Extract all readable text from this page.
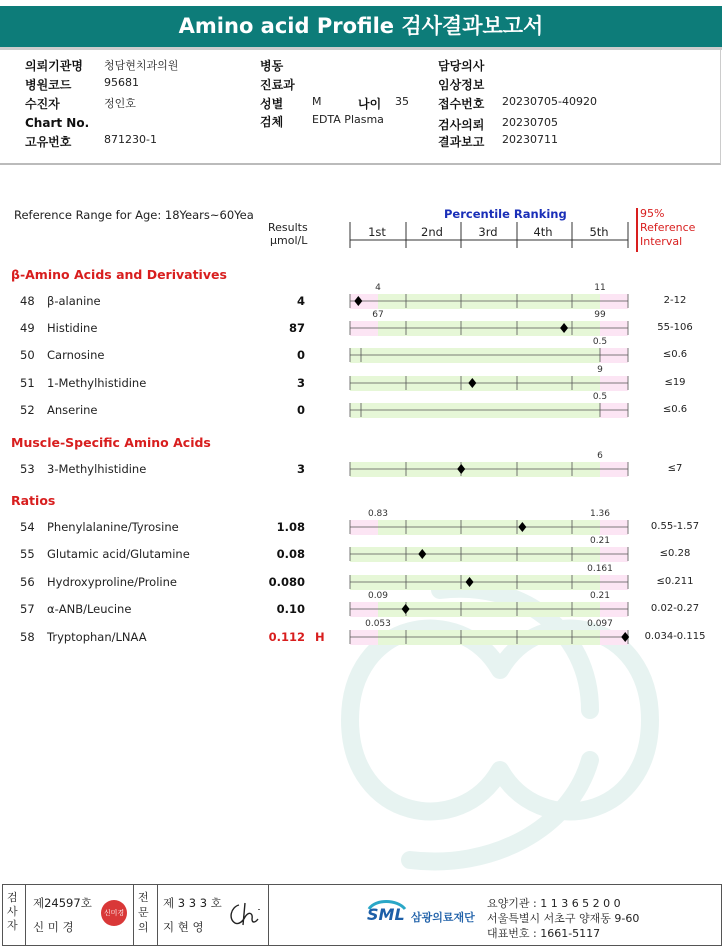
Amino acid Profile 검사결과보고서
의뢰기관명 청담현치과의원
병원코드	95681
수진자	정인호
Chart No.
고유번호	871230-1
병동
진료과
성별	M	나이 35
검체	EDTA Plasma
담당의사
임상정보
접수번호 20230705-40920
검사의뢰 20230705
결과보고 20230711
Reference Range for Age: 18Years~60Yea
Results
μmol/L
Percentile Ranking	95%
Reference
Interval
1st	2nd	3rd	4th	5th
4	11
67	99
0.5
9
0.5
6
0.83	1.36
0.21
0.161
0.09	0.21
0.053	0.097
β-Amino Acids and Derivatives
48 β-alanine	4	2-12
49 Histidine	87	55-106
50 Carnosine	0	≤0.6
51 1-Methylhistidine	3	≤19
52 Anserine	0	≤0.6
Muscle-Specific Amino Acids
53 3-Methylhistidine	3	≤7
Ratios
54 Phenylalanine/Tyrosine	1.08	0.55-1.57
55 Glutamic acid/Glutamine	0.08	≤0.28
56 Hydroxyproline/Proline	0.080	≤0.211
57 α-ANB/Leucine	0.10	0.02-0.27
58 Tryptophan/LNAA	0.112 H	0.034-0.115
검사자
제24597호
신 미 경
신미경
전문의
제 3 3 3 호
지 현 영
SML 삼광의료재단
요양기관 : 1 1 3 6 5 2 0 0
서울특별시 서초구 양재동 9-60
대표번호 : 1661-5117
